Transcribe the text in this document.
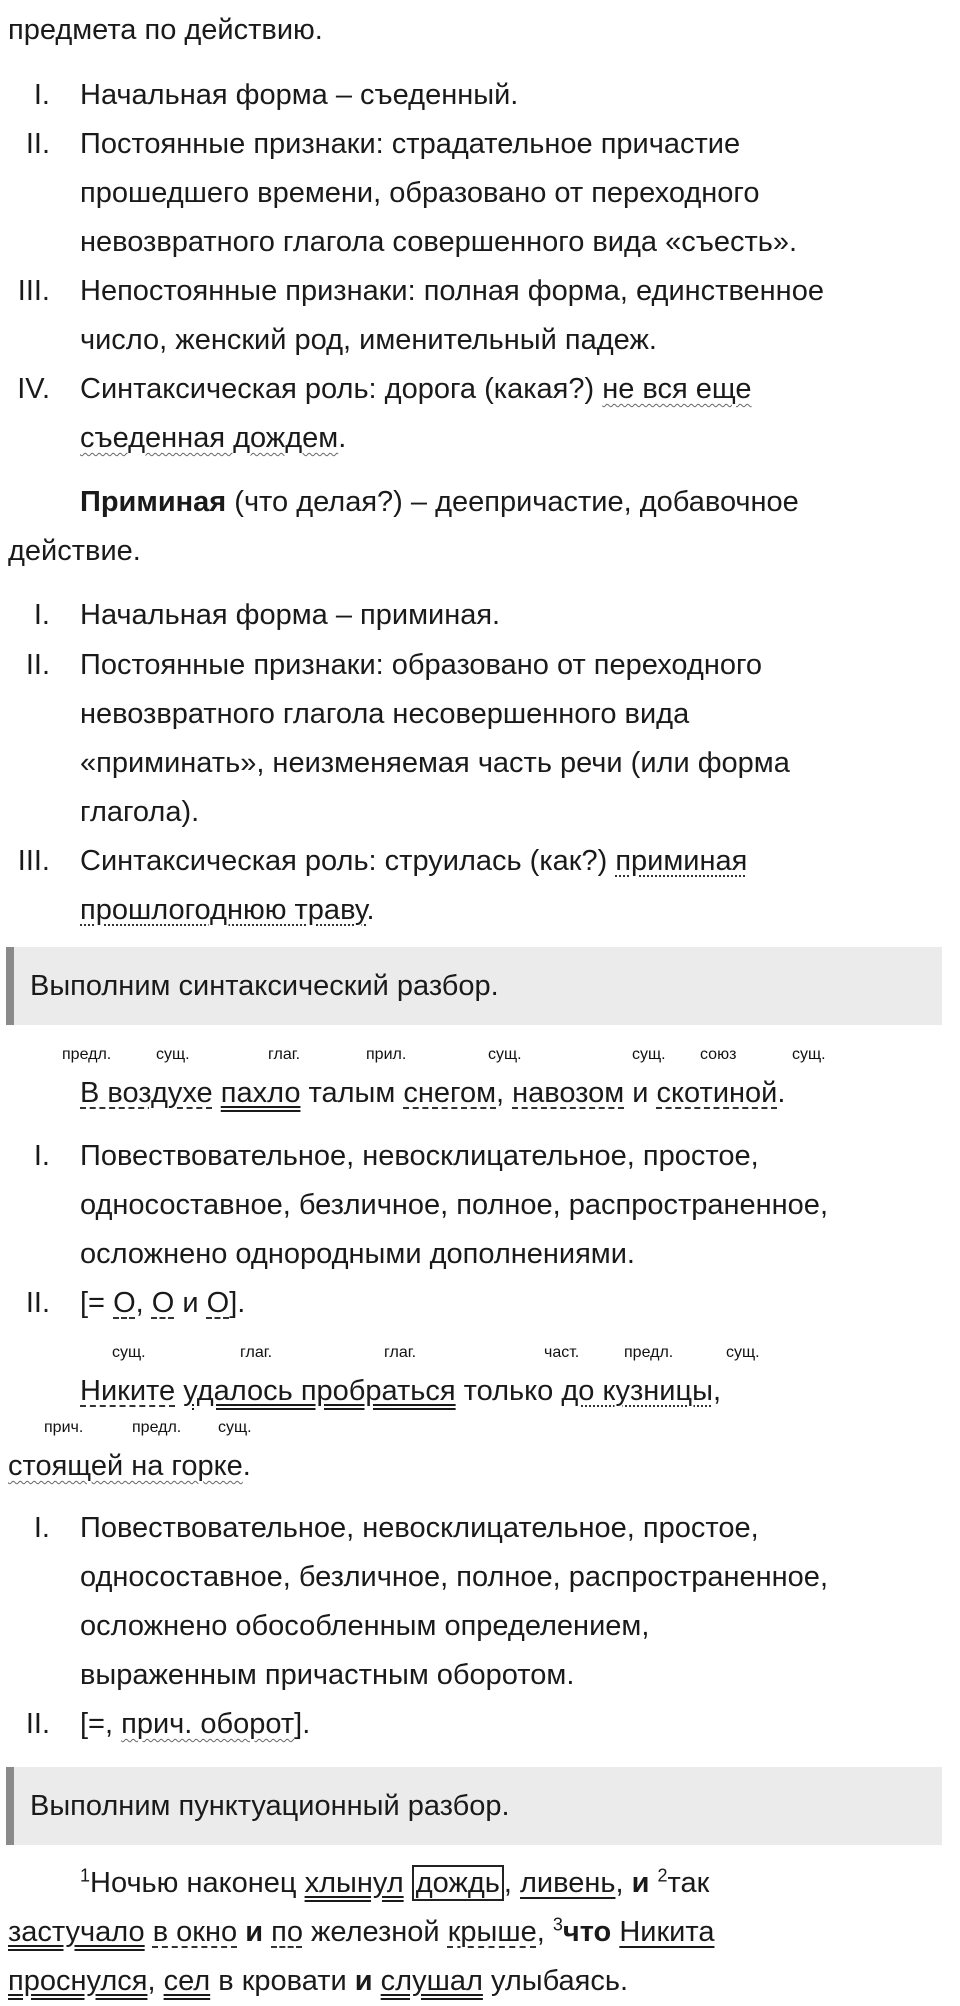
предмета по действию.
I. Начальная форма – съеденный.
II. Постоянные признаки: страдательное причастие
прошедшего времени, образовано от переходного
невозвратного глагола совершенного вида «съесть».
III. Непостоянные признаки: полная форма, единственное
число, женский род, именительный падеж.
IV. Синтаксическая роль: дорога (какая?) не вся еще
съеденная дождем.
Приминая (что делая?) – деепричастие, добавочное
действие.
I. Начальная форма – приминая.
II. Постоянные признаки: образовано от переходного
невозвратного глагола несовершенного вида
«приминать», неизменяемая часть речи (или форма
глагола).
III. Синтаксическая роль: струилась (как?) приминая
прошлогоднюю траву.
Выполним синтаксический разбор.
предл.	сущ.	глаг.	прил.	сущ.	сущ. союз	сущ.
В воздухе пахло талым снегом, навозом и скотиной.
I. Повествовательное, невосклицательное, простое,
односоставное, безличное, полное, распространенное,
осложнено однородными дополнениями.
II. [= О, О и О].
сущ.	глаг.	глаг.	част.	предл.	сущ.
Никите удалось пробраться только до кузницы,
прич.	предл. сущ.
стоящей на горке.
I. Повествовательное, невосклицательное, простое,
односоставное, безличное, полное, распространенное,
осложнено обособленным определением,
выраженным причастным оборотом.
II. [=, прич. оборот].
Выполним пунктуационный разбор.
$^1$Ночью наконец хлынул дождь , ливень, и $^2$так
застучало в окно и по железной крыше, $^3$что Никита
проснулся, сел в кровати и слушал улыбаясь.
